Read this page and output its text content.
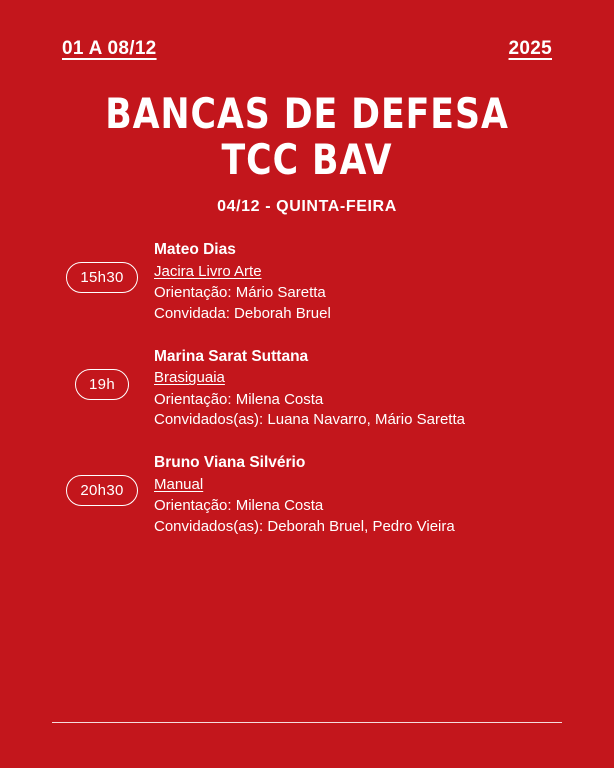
01 A 08/12	2025
BANCAS DE DEFESA
TCC BAV
04/12 - QUINTA-FEIRA
15h30
Mateo Dias
Jacira Livro Arte
Orientação: Mário Saretta
Convidada: Deborah Bruel
19h
Marina Sarat Suttana
Brasiguaia
Orientação: Milena Costa
Convidados(as): Luana Navarro, Mário Saretta
20h30
Bruno Viana Silvério
Manual
Orientação: Milena Costa
Convidados(as): Deborah Bruel, Pedro Vieira
